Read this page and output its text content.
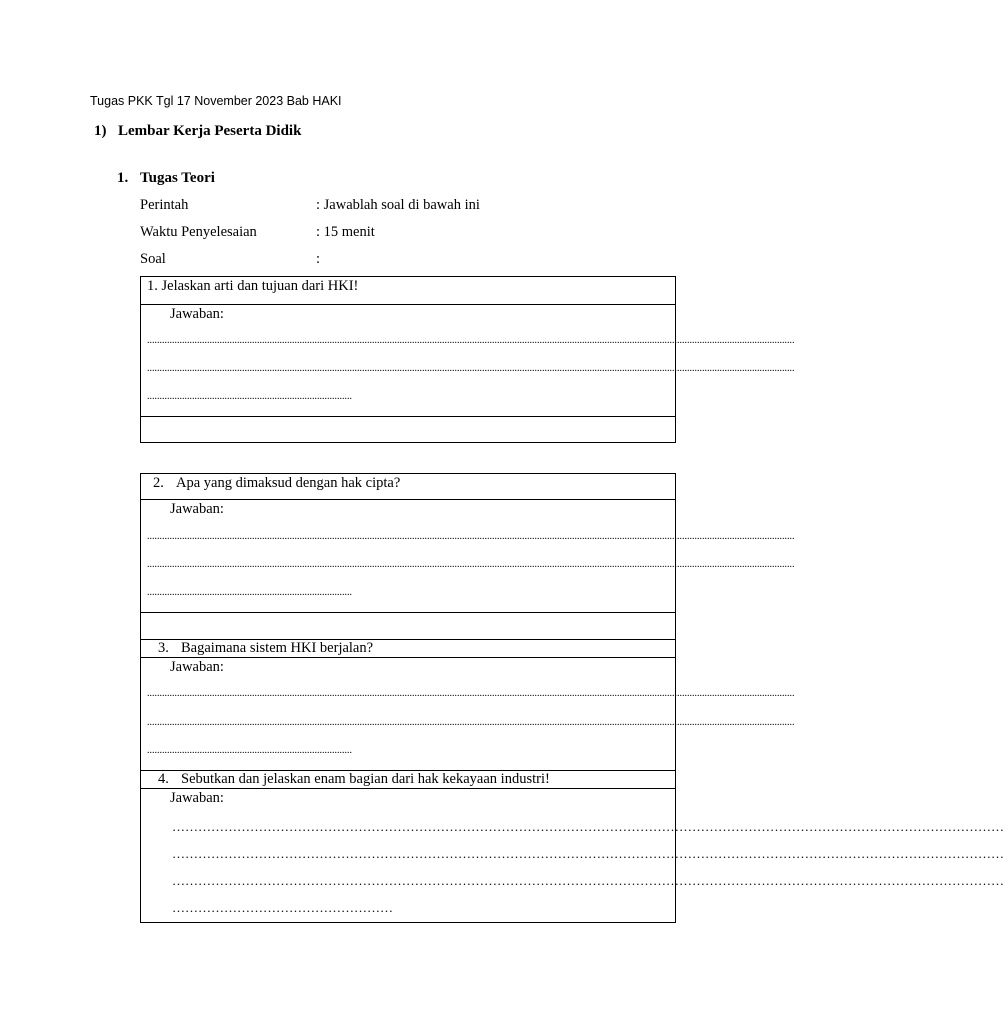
Tugas PKK Tgl 17 November 2023 Bab HAKI
1) Lembar Kerja Peserta Didik
1. Tugas Teori
Perintah	: Jawablah soal di bawah ini
Waktu Penyelesaian	: 15 menit
Soal	:
1. Jelaskan arti dan tujuan dari HKI!
Jawaban:
...................................................................................................................................................................................................................................................................
...................................................................................................................................................................................................................................................................
..................................................................................
2. Apa yang dimaksud dengan hak cipta?
Jawaban:
...................................................................................................................................................................................................................................................................
...................................................................................................................................................................................................................................................................
..................................................................................
3. Bagaimana sistem HKI berjalan?
Jawaban:
...................................................................................................................................................................................................................................................................
...................................................................................................................................................................................................................................................................
..................................................................................
4. Sebutkan dan jelaskan enam bagian dari hak kekayaan industri!
Jawaban:
…………………………………………………………………………………………………………………………………………………………………………
…………………………………………………………………………………………………………………………………………………………………………
…………………………………………………………………………………………………………………………………………………………………………
……………………………………………
